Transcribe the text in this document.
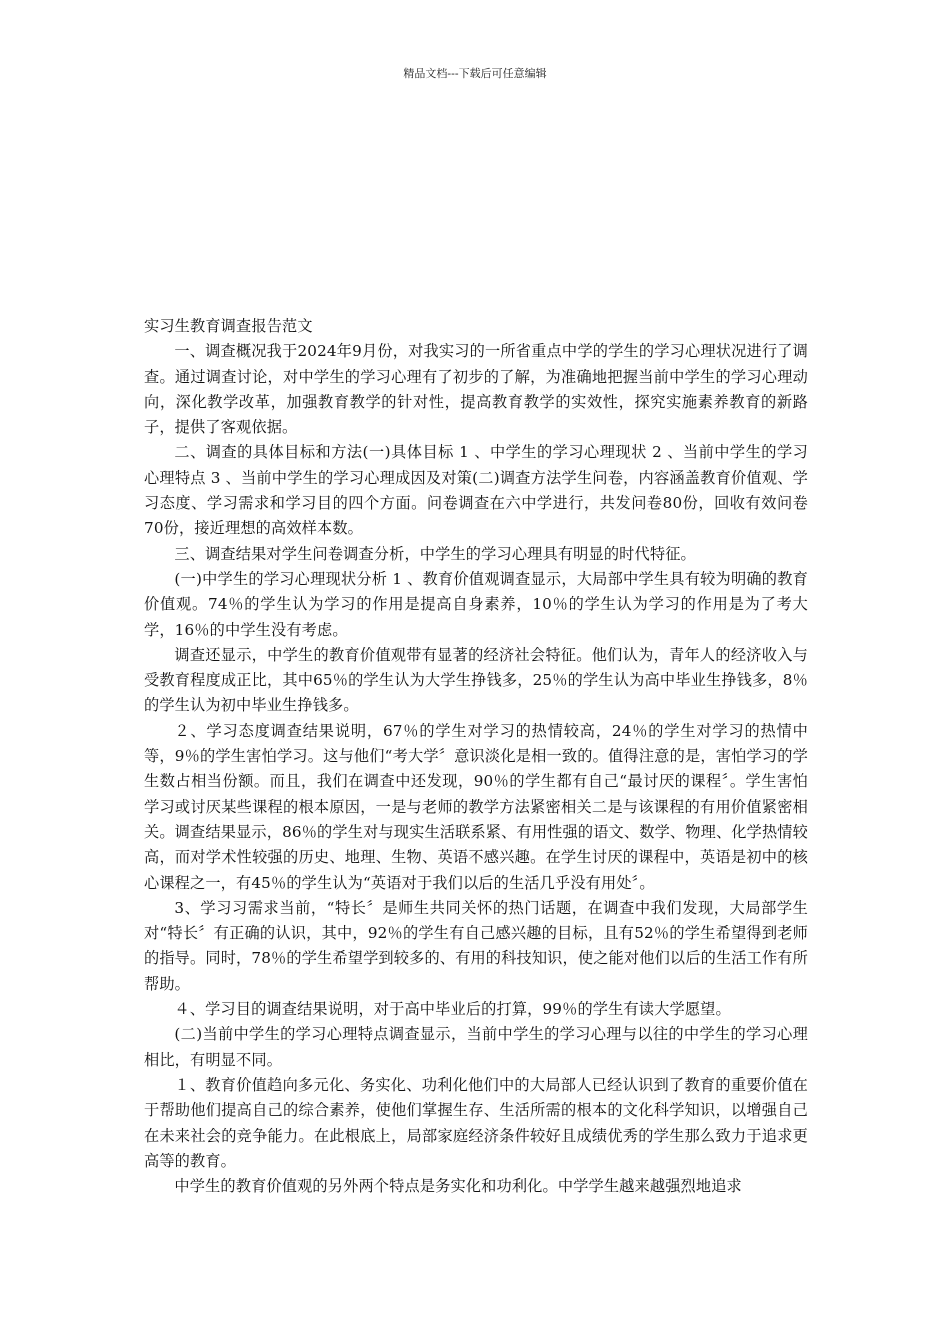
精品文档---下载后可任意编辑
实习生教育调查报告范文

一、调查概况我于2024年9月份，对我实习的一所省重点中学的学生的学习心理状况进行了调查。通过调查讨论，对中学生的学习心理有了初步的了解，为准确地把握当前中学生的学习心理动向，深化教学改革，加强教育教学的针对性，提高教育教学的实效性，探究实施素养教育的新路子，提供了客观依据。

二、调查的具体目标和方法(一)具体目标 1 、中学生的学习心理现状 2 、当前中学生的学习心理特点 3 、当前中学生的学习心理成因及对策(二)调查方法学生问卷，内容涵盖教育价值观、学习态度、学习需求和学习目的四个方面。问卷调查在六中学进行，共发问卷80份，回收有效问卷70份，接近理想的高效样本数。

三、调查结果对学生问卷调查分析，中学生的学习心理具有明显的时代特征。

(一)中学生的学习心理现状分析 1 、教育价值观调查显示，大局部中学生具有较为明确的教育价值观。74％的学生认为学习的作用是提高自身素养，10％的学生认为学习的作用是为了考大学，16％的中学生没有考虑。

调查还显示，中学生的教育价值观带有显著的经济社会特征。他们认为，青年人的经济收入与受教育程度成正比，其中65％的学生认为大学生挣钱多，25％的学生认为高中毕业生挣钱多，8％的学生认为初中毕业生挣钱多。

２、学习态度调查结果说明，67％的学生对学习的热情较高，24％的学生对学习的热情中等，9％的学生害怕学习。这与他们“考大学〞意识淡化是相一致的。值得注意的是，害怕学习的学生数占相当份额。而且，我们在调查中还发现，90％的学生都有自己“最讨厌的课程〞。学生害怕学习或讨厌某些课程的根本原因，一是与老师的教学方法紧密相关二是与该课程的有用价值紧密相关。调查结果显示，86％的学生对与现实生活联系紧、有用性强的语文、数学、物理、化学热情较高，而对学术性较强的历史、地理、生物、英语不感兴趣。在学生讨厌的课程中，英语是初中的核心课程之一，有45％的学生认为“英语对于我们以后的生活几乎没有用处〞。

3、学习习需求当前，“特长〞是师生共同关怀的热门话题，在调查中我们发现，大局部学生对“特长〞有正确的认识，其中，92％的学生有自己感兴趣的目标，且有52％的学生希望得到老师的指导。同时，78％的学生希望学到较多的、有用的科技知识，使之能对他们以后的生活工作有所帮助。

４、学习目的调查结果说明，对于高中毕业后的打算，99％的学生有读大学愿望。

(二)当前中学生的学习心理特点调查显示，当前中学生的学习心理与以往的中学生的学习心理相比，有明显不同。

１、教育价值趋向多元化、务实化、功利化他们中的大局部人已经认识到了教育的重要价值在于帮助他们提高自己的综合素养，使他们掌握生存、生活所需的根本的文化科学知识，以增强自己在未来社会的竞争能力。在此根底上，局部家庭经济条件较好且成绩优秀的学生那么致力于追求更高等的教育。

中学生的教育价值观的另外两个特点是务实化和功利化。中学学生越来越强烈地追求
